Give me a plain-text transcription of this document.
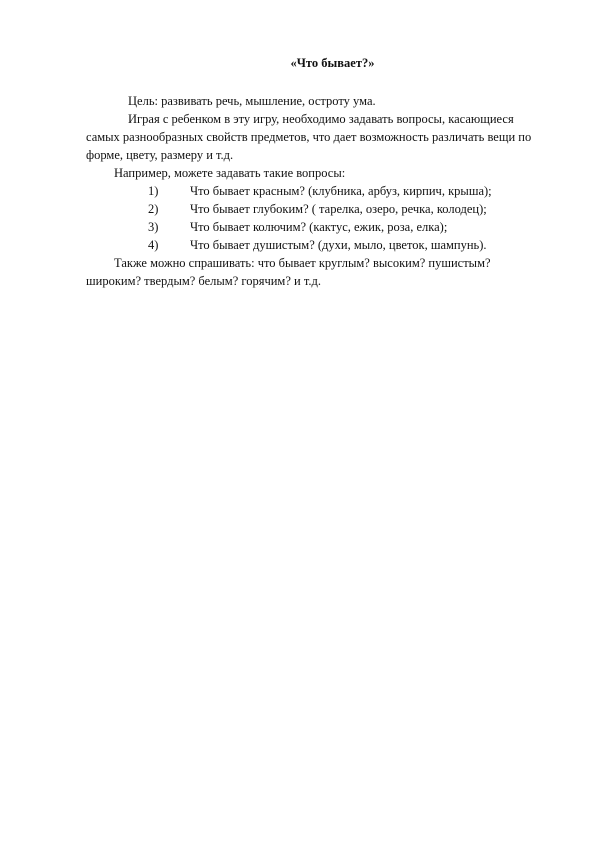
«Что бывает?»

Цель: развивать речь, мышление, остроту ума.

Играя с ребенком в эту игру, необходимо задавать вопросы, касающиеся самых разнообразных свойств предметов, что дает возможность различать вещи по форме, цвету, размеру и т.д.

Например, можете задавать такие вопросы:

1)	Что бывает красным? (клубника, арбуз, кирпич, крыша);
2)	Что бывает глубоким? ( тарелка, озеро, речка, колодец);
3)	Что бывает колючим? (кактус, ежик, роза, елка);
4)	Что бывает душистым? (духи, мыло, цветок, шампунь).

Также можно спрашивать: что бывает круглым? высоким? пушистым? широким? твердым? белым? горячим? и т.д.
